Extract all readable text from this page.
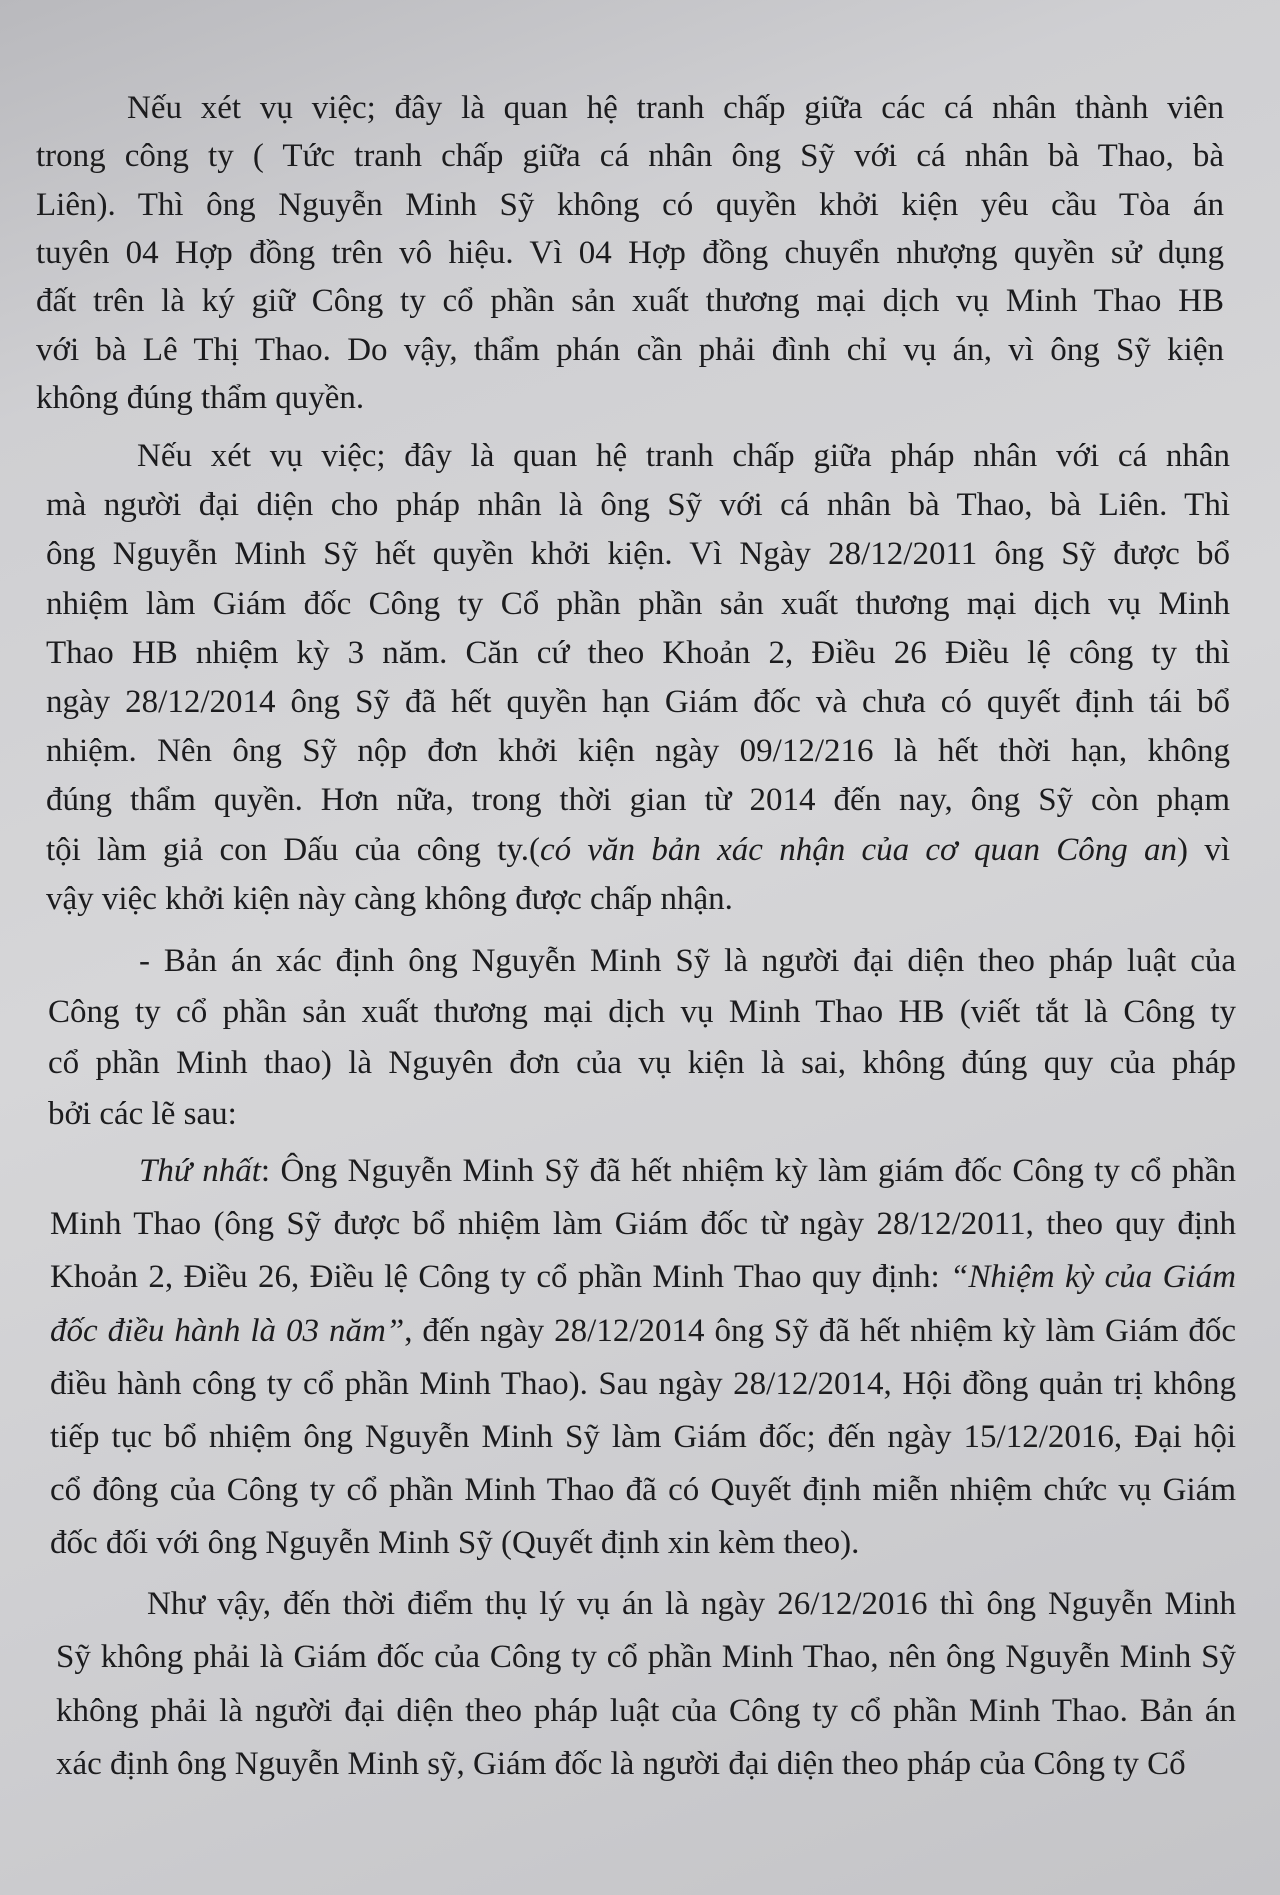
Nếu xét vụ việc; đây là quan hệ tranh chấp giữa các cá nhân thành viên
trong công ty ( Tức tranh chấp giữa cá nhân ông Sỹ với cá nhân bà Thao, bà
Liên). Thì ông Nguyễn Minh Sỹ không có quyền khởi kiện yêu cầu Tòa án
tuyên 04 Hợp đồng trên vô hiệu. Vì 04 Hợp đồng chuyển nhượng quyền sử dụng
đất trên là ký giữ Công ty cổ phần sản xuất thương mại dịch vụ Minh Thao HB
với bà Lê Thị Thao. Do vậy, thẩm phán cần phải đình chỉ vụ án, vì ông Sỹ kiện
không đúng thẩm quyền.
Nếu xét vụ việc; đây là quan hệ tranh chấp giữa pháp nhân với cá nhân
mà người đại diện cho pháp nhân là ông Sỹ với cá nhân bà Thao, bà Liên. Thì
ông Nguyễn Minh Sỹ hết quyền khởi kiện. Vì Ngày 28/12/2011 ông Sỹ được bổ
nhiệm làm Giám đốc Công ty Cổ phần phần sản xuất thương mại dịch vụ Minh
Thao HB nhiệm kỳ 3 năm. Căn cứ theo Khoản 2, Điều 26 Điều lệ công ty thì
ngày 28/12/2014 ông Sỹ đã hết quyền hạn Giám đốc và chưa có quyết định tái bổ
nhiệm. Nên ông Sỹ nộp đơn khởi kiện ngày 09/12/216 là hết thời hạn, không
đúng thẩm quyền. Hơn nữa, trong thời gian từ 2014 đến nay, ông Sỹ còn phạm
tội làm giả con Dấu của công ty.(có văn bản xác nhận của cơ quan Công an) vì
vậy việc khởi kiện này càng không được chấp nhận.
- Bản án xác định ông Nguyễn Minh Sỹ là người đại diện theo pháp luật của
Công ty cổ phần sản xuất thương mại dịch vụ Minh Thao HB (viết tắt là Công ty
cổ phần Minh thao) là Nguyên đơn của vụ kiện là sai, không đúng quy của pháp
bởi các lẽ sau:
Thứ nhất: Ông Nguyễn Minh Sỹ đã hết nhiệm kỳ làm giám đốc Công ty cổ phần
Minh Thao (ông Sỹ được bổ nhiệm làm Giám đốc từ ngày 28/12/2011, theo quy định
Khoản 2, Điều 26, Điều lệ Công ty cổ phần Minh Thao quy định: “Nhiệm kỳ của Giám
đốc điều hành là 03 năm”, đến ngày 28/12/2014 ông Sỹ đã hết nhiệm kỳ làm Giám đốc
điều hành công ty cổ phần Minh Thao). Sau ngày 28/12/2014, Hội đồng quản trị không
tiếp tục bổ nhiệm ông Nguyễn Minh Sỹ làm Giám đốc; đến ngày 15/12/2016, Đại hội
cổ đông của Công ty cổ phần Minh Thao đã có Quyết định miễn nhiệm chức vụ Giám
đốc đối với ông Nguyễn Minh Sỹ (Quyết định xin kèm theo).
Như vậy, đến thời điểm thụ lý vụ án là ngày 26/12/2016 thì ông Nguyễn Minh
Sỹ không phải là Giám đốc của Công ty cổ phần Minh Thao, nên ông Nguyễn Minh Sỹ
không phải là người đại diện theo pháp luật của Công ty cổ phần Minh Thao. Bản án
xác định ông Nguyễn Minh sỹ, Giám đốc là người đại diện theo pháp của Công ty Cổ
